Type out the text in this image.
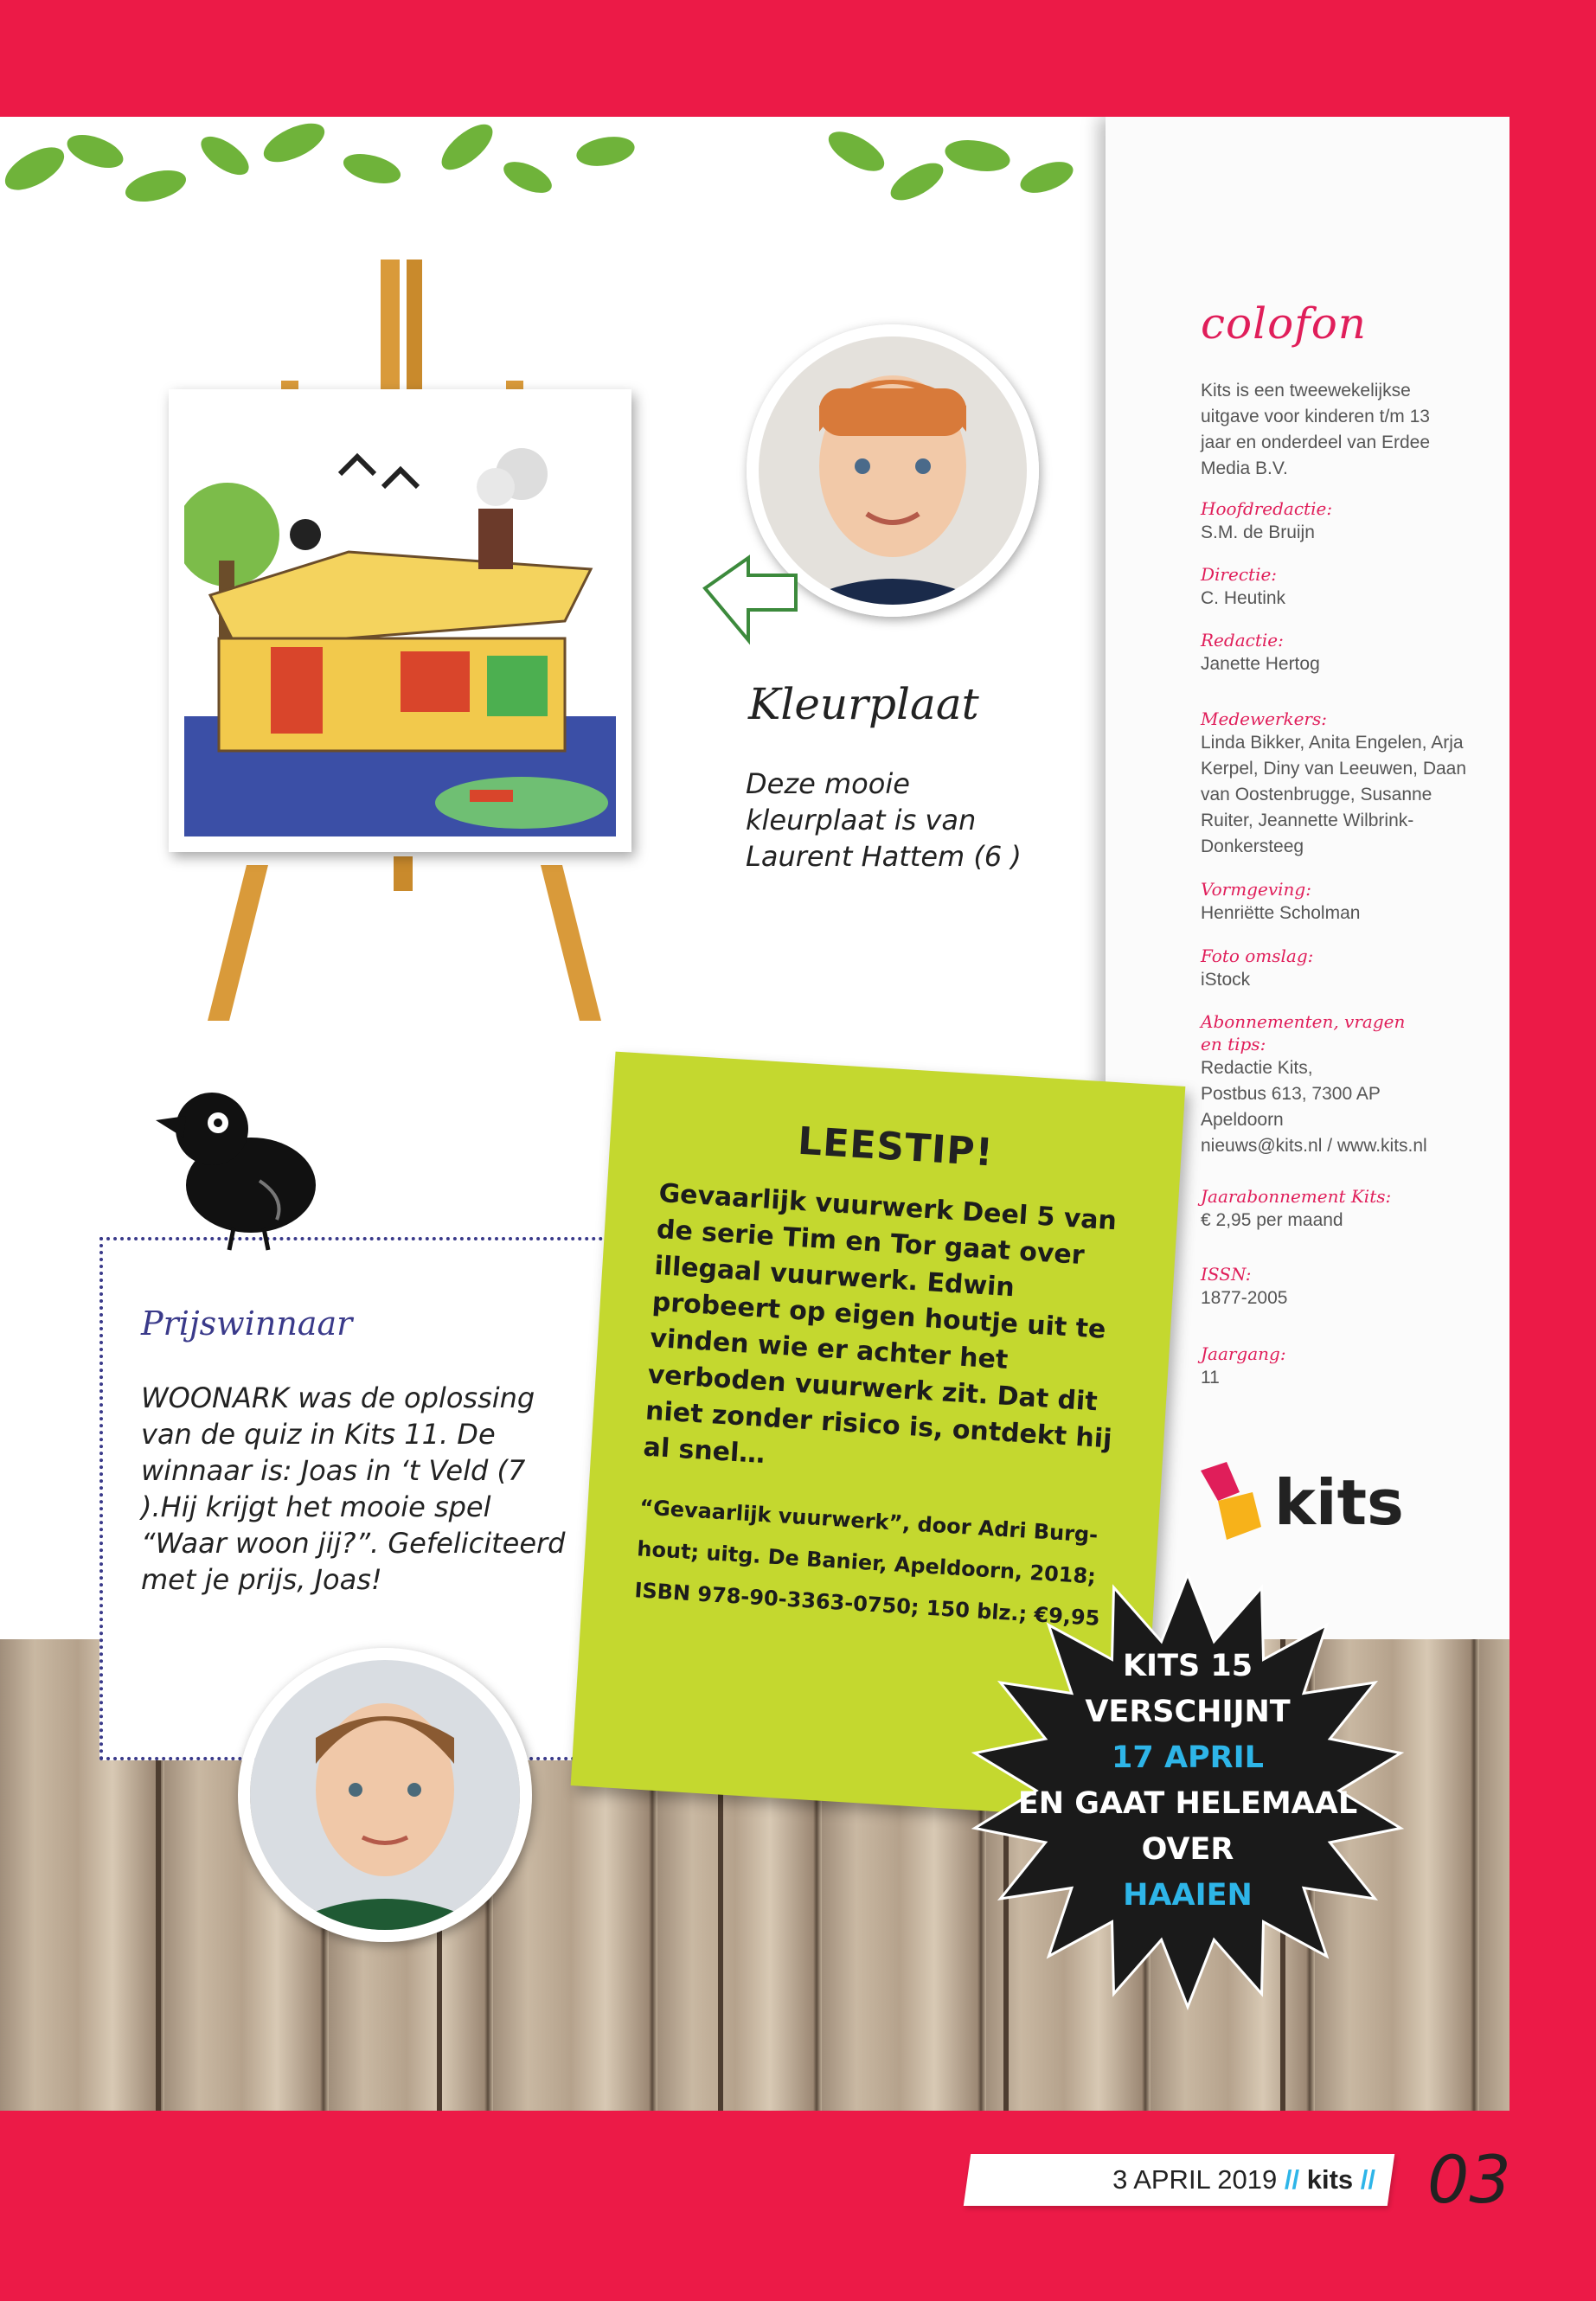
colofon
Kits is een tweewekelijkse uitgave voor kinderen t/m 13 jaar en onderdeel van Erdee Media B.V.
Hoofdredactie:
S.M. de Bruijn
Directie:
C. Heutink
Redactie:
Janette Hertog
Medewerkers:
Linda Bikker, Anita Engelen, Arja Kerpel, Diny van Leeuwen, Daan van Oostenbrugge, Susanne Ruiter, Jeannette Wilbrink-Donkersteeg
Vormgeving:
Henriëtte Scholman
Foto omslag:
iStock
Abonnementen, vragen en tips:
Redactie Kits,
Postbus 613, 7300 AP Apeldoorn
nieuws@kits.nl / www.kits.nl
Jaarabonnement Kits:
€ 2,95 per maand
ISSN:
1877-2005
Jaargang:
11
kits
Kleurplaat
Deze mooie kleurplaat is van Laurent Hattem (6 )
Prijswinnaar
WOONARK was de oplossing van de quiz in Kits 11. De winnaar is: Joas in ‘t Veld (7 ).Hij krijgt het mooie spel “Waar woon jij?”. Gefeliciteerd met je prijs, Joas!
LEESTIP!
Gevaarlijk vuurwerk Deel 5 van de serie Tim en Tor gaat over illegaal vuurwerk. Edwin probeert op eigen houtje uit te vinden wie er achter het verboden vuurwerk zit. Dat dit niet zonder risico is, ontdekt hij al snel…
“Gevaarlijk vuurwerk”, door Adri Burg-hout; uitg. De Banier, Apeldoorn, 2018; ISBN 978-90-3363-0750; 150 blz.; €9,95
KITS 15
VERSCHIJNT
17 APRIL
EN GAAT HELEMAAL
OVER
HAAIEN
3 APRIL 2019 // kits // 03
